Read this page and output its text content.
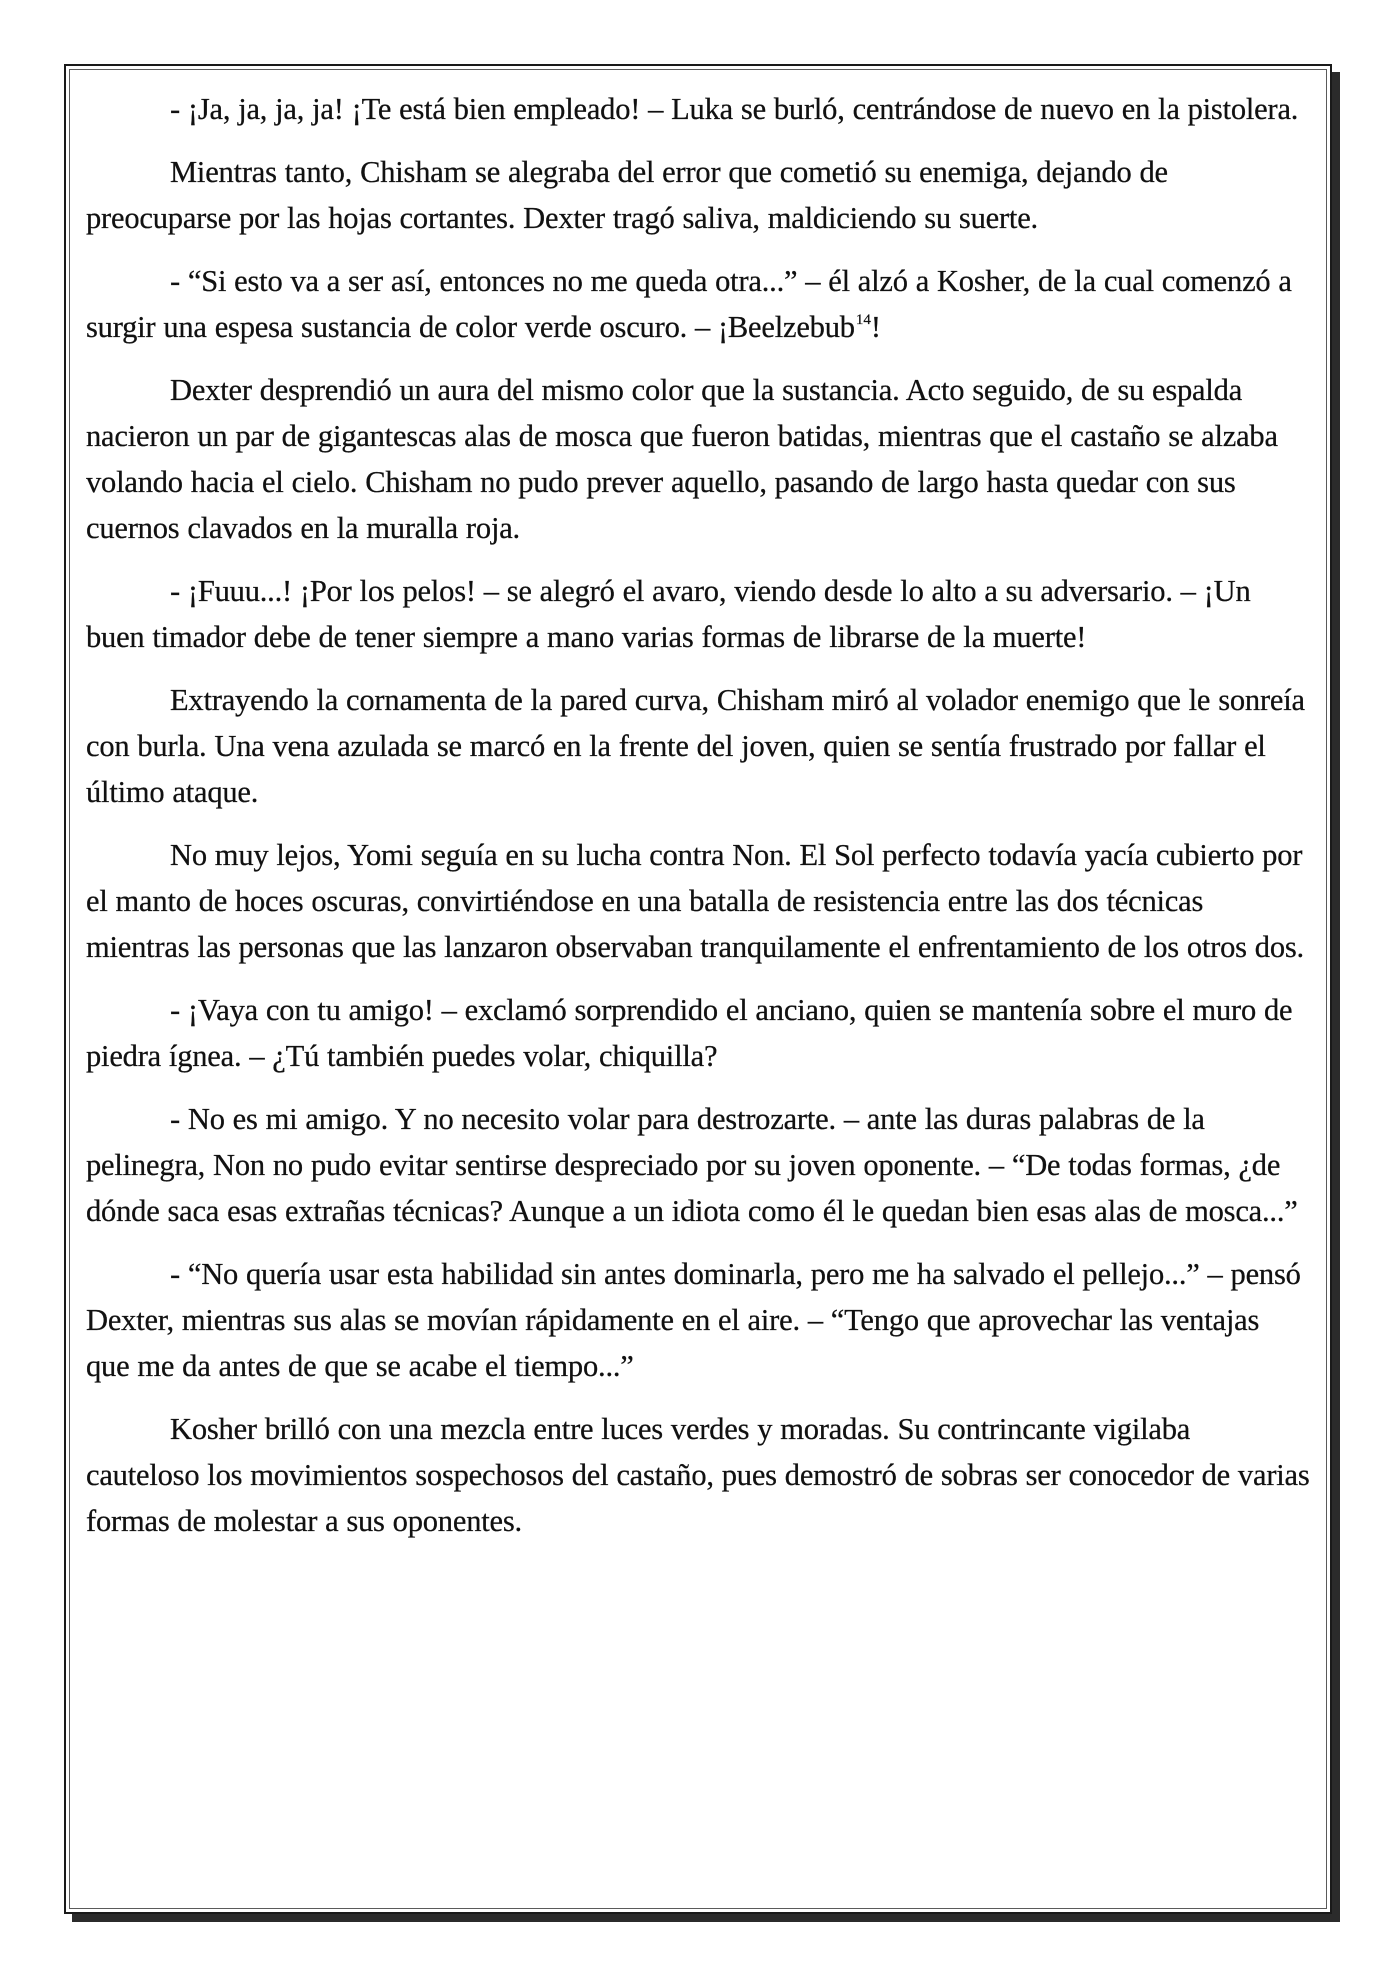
- ¡Ja, ja, ja, ja! ¡Te está bien empleado! – Luka se burló, centrándose de nuevo en la pistolera.

Mientras tanto, Chisham se alegraba del error que cometió su enemiga, dejando de preocuparse por las hojas cortantes. Dexter tragó saliva, maldiciendo su suerte.

- “Si esto va a ser así, entonces no me queda otra...” – él alzó a Kosher, de la cual comenzó a surgir una espesa sustancia de color verde oscuro. – ¡Beelzebub$^{14}$!

Dexter desprendió un aura del mismo color que la sustancia. Acto seguido, de su espalda nacieron un par de gigantescas alas de mosca que fueron batidas, mientras que el castaño se alzaba volando hacia el cielo. Chisham no pudo prever aquello, pasando de largo hasta quedar con sus cuernos clavados en la muralla roja.

- ¡Fuuu...! ¡Por los pelos! – se alegró el avaro, viendo desde lo alto a su adversario. – ¡Un buen timador debe de tener siempre a mano varias formas de librarse de la muerte!

Extrayendo la cornamenta de la pared curva, Chisham miró al volador enemigo que le sonreía con burla. Una vena azulada se marcó en la frente del joven, quien se sentía frustrado por fallar el último ataque.

No muy lejos, Yomi seguía en su lucha contra Non. El Sol perfecto todavía yacía cubierto por el manto de hoces oscuras, convirtiéndose en una batalla de resistencia entre las dos técnicas mientras las personas que las lanzaron observaban tranquilamente el enfrentamiento de los otros dos.

- ¡Vaya con tu amigo! – exclamó sorprendido el anciano, quien se mantenía sobre el muro de piedra ígnea. – ¿Tú también puedes volar, chiquilla?

- No es mi amigo. Y no necesito volar para destrozarte. – ante las duras palabras de la pelinegra, Non no pudo evitar sentirse despreciado por su joven oponente. – “De todas formas, ¿de dónde saca esas extrañas técnicas? Aunque a un idiota como él le quedan bien esas alas de mosca...”

- “No quería usar esta habilidad sin antes dominarla, pero me ha salvado el pellejo...” – pensó Dexter, mientras sus alas se movían rápidamente en el aire. – “Tengo que aprovechar las ventajas que me da antes de que se acabe el tiempo...”

Kosher brilló con una mezcla entre luces verdes y moradas. Su contrincante vigilaba cauteloso los movimientos sospechosos del castaño, pues demostró de sobras ser conocedor de varias formas de molestar a sus oponentes.
